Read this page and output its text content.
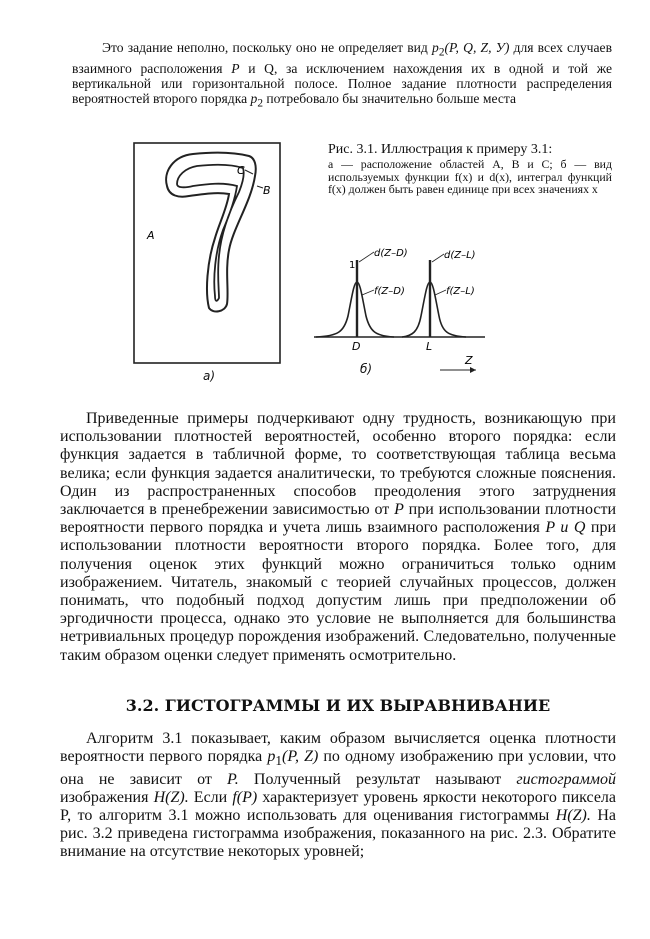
Это задание неполно, поскольку оно не определяет вид $p_2(P$, Q, Z, У) для всех случаев взаимного расположения P и Q, за исключением нахождения их в одной и той же вертикальной или горизонтальной полосе. Полное задание плотности распределения вероятностей второго порядка $p_2$ потребовало бы значительно больше места
C
B
A
Рис. 3.1. Иллюстрация к примеру 3.1:
а — расположение областей A, B и C; б — вид используемых функции f(x) и d(x), интеграл функций f(x) должен быть равен единице при всех значениях x
1
d(Z–D)
f(Z–D)
d(Z–L)
f(Z–L)
D	L
Z
а)	б)
Приведенные примеры подчеркивают одну трудность, возникающую при использовании плотностей вероятностей, особенно второго порядка: если функция задается в табличной форме, то соответствующая таблица весьма велика; если функция задается аналитически, то требуются сложные пояснения. Один из распространенных способов преодоления этого затруднения заключается в пренебрежении зависимостью от P при использовании плотности вероятности первого порядка и учета лишь взаимного расположения P и Q при использовании плотности вероятности второго порядка. Более того, для получения оценок этих функций можно ограничиться только одним изображением. Читатель, знакомый с теорией случайных процессов, должен понимать, что подобный подход допустим лишь при предположении об эргодичности процесса, однако это условие не выполняется для большинства нетривиальных процедур порождения изображений. Следовательно, полученные таким образом оценки следует применять осмотрительно.
3.2. ГИСТОГРАММЫ И ИХ ВЫРАВНИВАНИЕ
Алгоритм 3.1 показывает, каким образом вычисляется оценка плотности вероятности первого порядка $p_1(P$, Z) по одному изображению при условии, что она не зависит от P. Полученный результат называют гистограммой изображения H(Z). Если f(P) характеризует уровень яркости некоторого пиксела P, то алгоритм 3.1 можно использовать для оценивания гистограммы H(Z). На рис. 3.2 приведена гистограмма изображения, показанного на рис. 2.3. Обратите внимание на отсутствие некоторых уровней;
